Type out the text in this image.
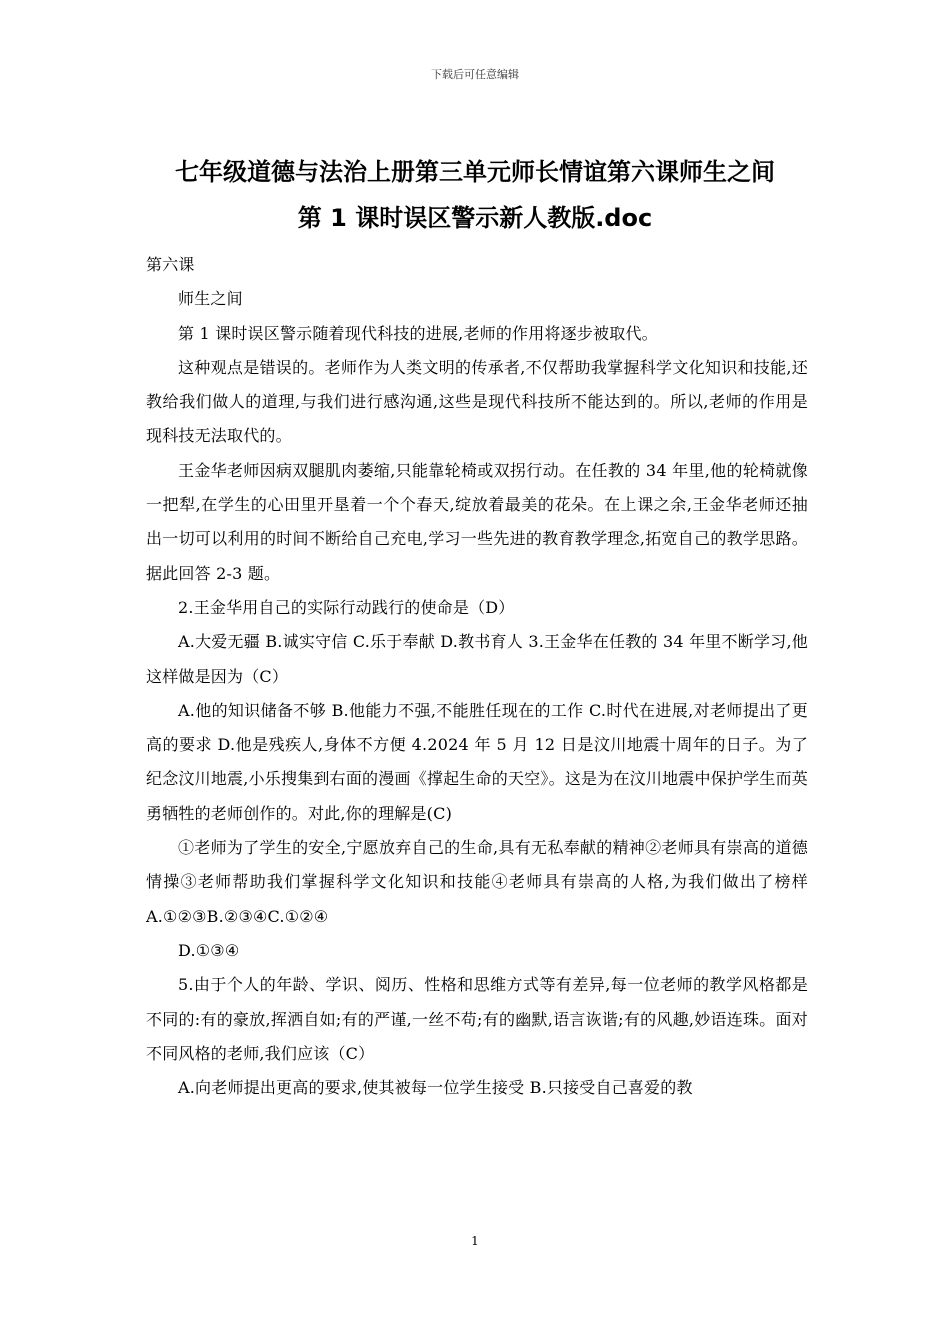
下载后可任意编辑
七年级道德与法治上册第三单元师长情谊第六课师生之间
第 1 课时误区警示新人教版.doc

第六课

师生之间

第 1 课时误区警示随着现代科技的进展,老师的作用将逐步被取代。

这种观点是错误的。老师作为人类文明的传承者,不仅帮助我掌握科学文化知识和技能,还教给我们做人的道理,与我们进行感沟通,这些是现代科技所不能达到的。所以,老师的作用是现科技无法取代的。

王金华老师因病双腿肌肉萎缩,只能靠轮椅或双拐行动。在任教的 34 年里,他的轮椅就像一把犁,在学生的心田里开垦着一个个春天,绽放着最美的花朵。在上课之余,王金华老师还抽出一切可以利用的时间不断给自己充电,学习一些先进的教育教学理念,拓宽自己的教学思路。据此回答 2-3 题。

2.王金华用自己的实际行动践行的使命是（D）

A.大爱无疆 B.诚实守信 C.乐于奉献 D.教书育人 3.王金华在任教的 34 年里不断学习,他这样做是因为（C）

A.他的知识储备不够 B.他能力不强,不能胜任现在的工作 C.时代在进展,对老师提出了更高的要求 D.他是残疾人,身体不方便 4.2024 年 5 月 12 日是汶川地震十周年的日子。为了纪念汶川地震,小乐搜集到右面的漫画《撑起生命的天空》。这是为在汶川地震中保护学生而英勇牺牲的老师创作的。对此,你的理解是(C)

①老师为了学生的安全,宁愿放弃自己的生命,具有无私奉献的精神②老师具有崇高的道德情操③老师帮助我们掌握科学文化知识和技能④老师具有崇高的人格,为我们做出了榜样 A.①②③B.②③④C.①②④

D.①③④

5.由于个人的年龄、学识、阅历、性格和思维方式等有差异,每一位老师的教学风格都是不同的:有的豪放,挥洒自如;有的严谨,一丝不苟;有的幽默,语言诙谐;有的风趣,妙语连珠。面对不同风格的老师,我们应该（C）

A.向老师提出更高的要求,使其被每一位学生接受 B.只接受自己喜爱的教

1
